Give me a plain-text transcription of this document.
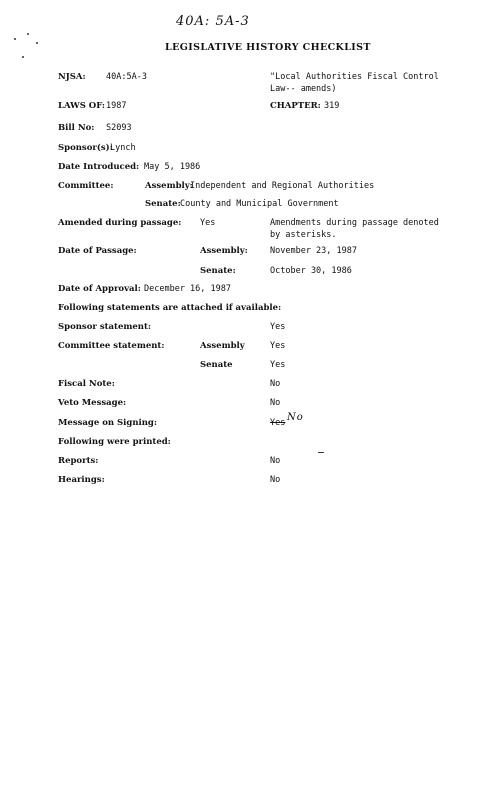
40A: 5A-3
LEGISLATIVE HISTORY CHECKLIST
NJSA: 40A:5A-3	"Local Authorities Fiscal Control
Law-- amends)
LAWS OF: 1987	CHAPTER: 319
Bill No: S2093
Sponsor(s):
Lynch
Date Introduced: May 5, 1986
Committee:	Assembly:
Independent and Regional Authorities
Senate: County and Municipal Government
Amended during passage: Yes	Amendments during passage denoted
by asterisks.
Date of Passage:	Assembly:	November 23, 1987
Senate:	October 30, 1986
Date of Approval: December 16, 1987
Following statements are attached if available:
Sponsor statement:	Yes
Committee statement:	Assembly	Yes
Senate	Yes
Fiscal Note:	No
Veto Message:	No
Message on Signing:	Yes No
Following were printed:
Reports:	No
Hearings:	No
